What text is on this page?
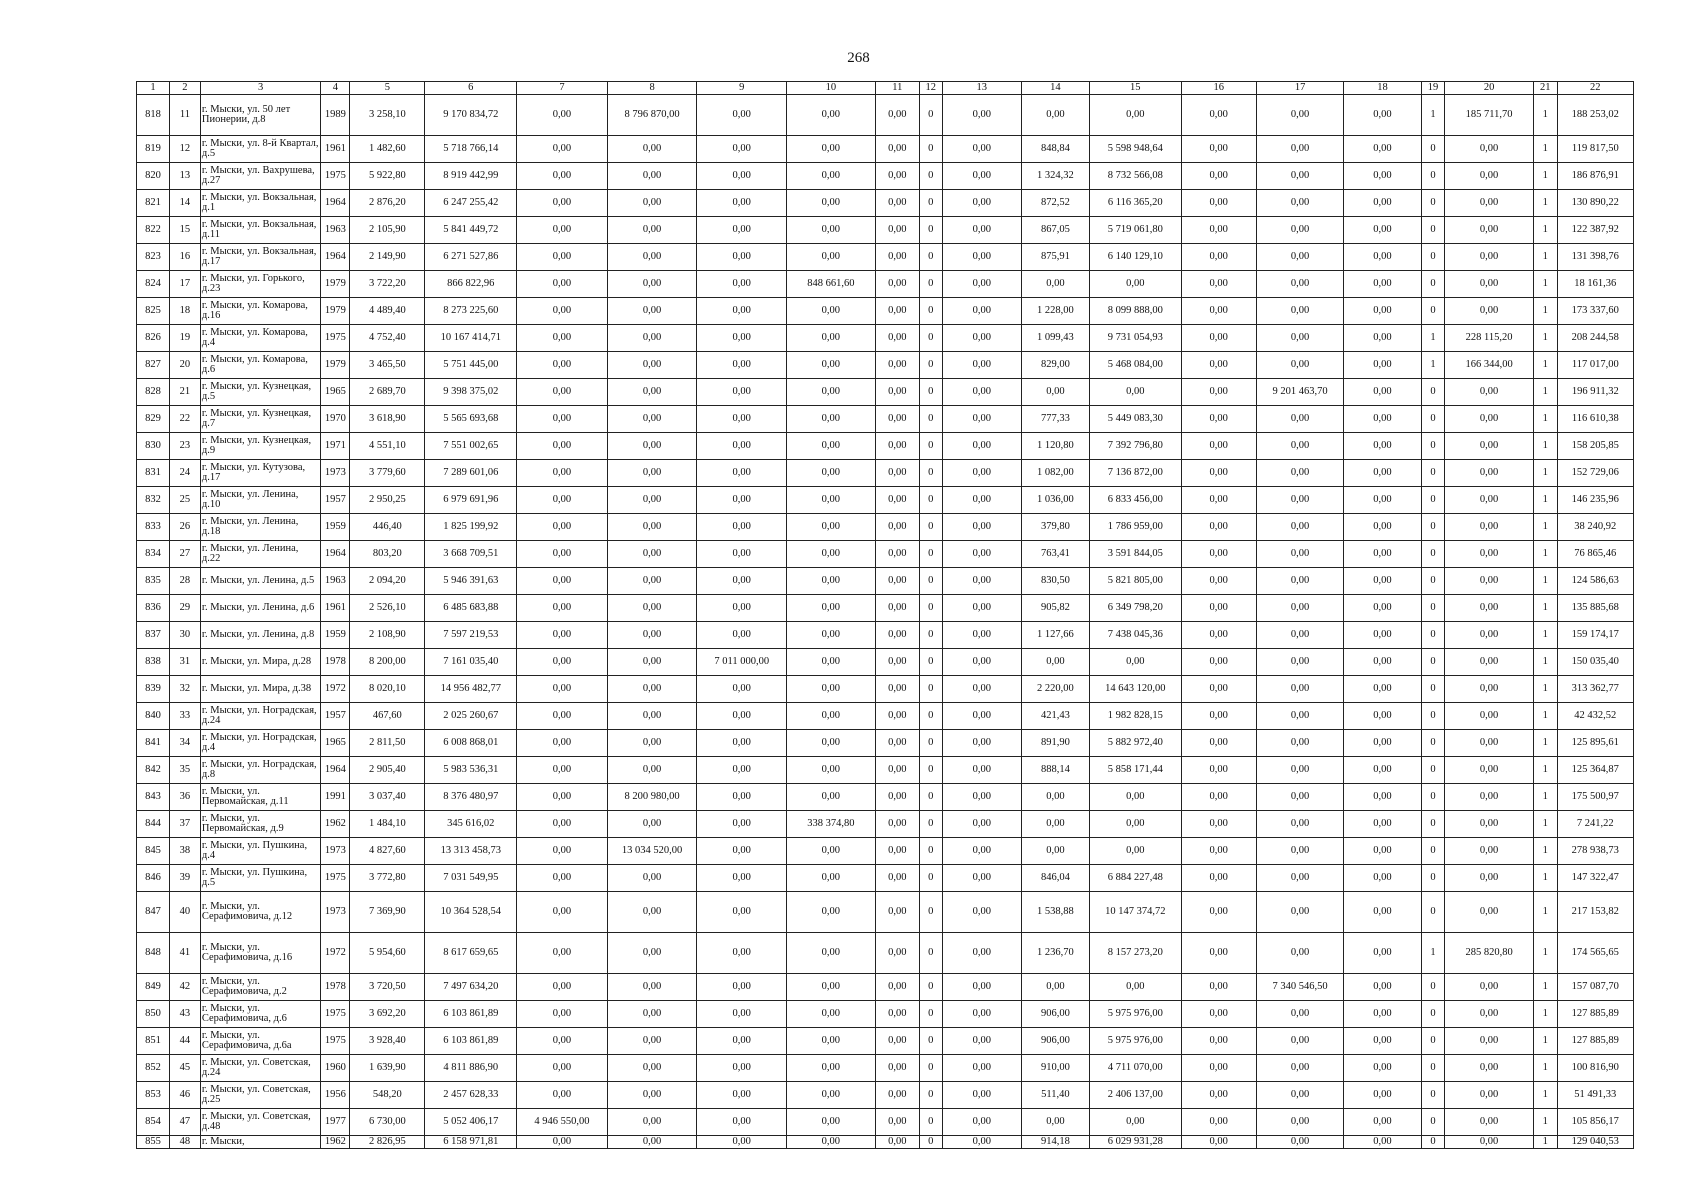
268
1	2	3	4	5	6	7	8	9	10	11	12	13	14	15	16	17	18	19	20	21	22
818	11	г. Мыски, ул. 50 лет Пионерии, д.8	1989	3 258,10	9 170 834,72	0,00	8 796 870,00	0,00	0,00	0,00	0	0,00	0,00	0,00	0,00	0,00	0,00	1	185 711,70	1	188 253,02
819	12	г. Мыски, ул. 8-й Квартал, д.5	1961	1 482,60	5 718 766,14	0,00	0,00	0,00	0,00	0,00	0	0,00	848,84	5 598 948,64	0,00	0,00	0,00	0	0,00	1	119 817,50
820	13	г. Мыски, ул. Вахрушева, д.27	1975	5 922,80	8 919 442,99	0,00	0,00	0,00	0,00	0,00	0	0,00	1 324,32	8 732 566,08	0,00	0,00	0,00	0	0,00	1	186 876,91
821	14	г. Мыски, ул. Вокзальная, д.1	1964	2 876,20	6 247 255,42	0,00	0,00	0,00	0,00	0,00	0	0,00	872,52	6 116 365,20	0,00	0,00	0,00	0	0,00	1	130 890,22
822	15	г. Мыски, ул. Вокзальная, д.11	1963	2 105,90	5 841 449,72	0,00	0,00	0,00	0,00	0,00	0	0,00	867,05	5 719 061,80	0,00	0,00	0,00	0	0,00	1	122 387,92
823	16	г. Мыски, ул. Вокзальная, д.17	1964	2 149,90	6 271 527,86	0,00	0,00	0,00	0,00	0,00	0	0,00	875,91	6 140 129,10	0,00	0,00	0,00	0	0,00	1	131 398,76
824	17	г. Мыски, ул. Горького, д.23	1979	3 722,20	866 822,96	0,00	0,00	0,00	848 661,60	0,00	0	0,00	0,00	0,00	0,00	0,00	0,00	0	0,00	1	18 161,36
825	18	г. Мыски, ул. Комарова, д.16	1979	4 489,40	8 273 225,60	0,00	0,00	0,00	0,00	0,00	0	0,00	1 228,00	8 099 888,00	0,00	0,00	0,00	0	0,00	1	173 337,60
826	19	г. Мыски, ул. Комарова, д.4	1975	4 752,40	10 167 414,71	0,00	0,00	0,00	0,00	0,00	0	0,00	1 099,43	9 731 054,93	0,00	0,00	0,00	1	228 115,20	1	208 244,58
827	20	г. Мыски, ул. Комарова, д.6	1979	3 465,50	5 751 445,00	0,00	0,00	0,00	0,00	0,00	0	0,00	829,00	5 468 084,00	0,00	0,00	0,00	1	166 344,00	1	117 017,00
828	21	г. Мыски, ул. Кузнецкая, д.5	1965	2 689,70	9 398 375,02	0,00	0,00	0,00	0,00	0,00	0	0,00	0,00	0,00	0,00	9 201 463,70	0,00	0	0,00	1	196 911,32
829	22	г. Мыски, ул. Кузнецкая, д.7	1970	3 618,90	5 565 693,68	0,00	0,00	0,00	0,00	0,00	0	0,00	777,33	5 449 083,30	0,00	0,00	0,00	0	0,00	1	116 610,38
830	23	г. Мыски, ул. Кузнецкая, д.9	1971	4 551,10	7 551 002,65	0,00	0,00	0,00	0,00	0,00	0	0,00	1 120,80	7 392 796,80	0,00	0,00	0,00	0	0,00	1	158 205,85
831	24	г. Мыски, ул. Кутузова, д.17	1973	3 779,60	7 289 601,06	0,00	0,00	0,00	0,00	0,00	0	0,00	1 082,00	7 136 872,00	0,00	0,00	0,00	0	0,00	1	152 729,06
832	25	г. Мыски, ул. Ленина, д.10	1957	2 950,25	6 979 691,96	0,00	0,00	0,00	0,00	0,00	0	0,00	1 036,00	6 833 456,00	0,00	0,00	0,00	0	0,00	1	146 235,96
833	26	г. Мыски, ул. Ленина, д.18	1959	446,40	1 825 199,92	0,00	0,00	0,00	0,00	0,00	0	0,00	379,80	1 786 959,00	0,00	0,00	0,00	0	0,00	1	38 240,92
834	27	г. Мыски, ул. Ленина, д.22	1964	803,20	3 668 709,51	0,00	0,00	0,00	0,00	0,00	0	0,00	763,41	3 591 844,05	0,00	0,00	0,00	0	0,00	1	76 865,46
835	28	г. Мыски, ул. Ленина, д.5	1963	2 094,20	5 946 391,63	0,00	0,00	0,00	0,00	0,00	0	0,00	830,50	5 821 805,00	0,00	0,00	0,00	0	0,00	1	124 586,63
836	29	г. Мыски, ул. Ленина, д.6	1961	2 526,10	6 485 683,88	0,00	0,00	0,00	0,00	0,00	0	0,00	905,82	6 349 798,20	0,00	0,00	0,00	0	0,00	1	135 885,68
837	30	г. Мыски, ул. Ленина, д.8	1959	2 108,90	7 597 219,53	0,00	0,00	0,00	0,00	0,00	0	0,00	1 127,66	7 438 045,36	0,00	0,00	0,00	0	0,00	1	159 174,17
838	31	г. Мыски, ул. Мира, д.28	1978	8 200,00	7 161 035,40	0,00	0,00	7 011 000,00	0,00	0,00	0	0,00	0,00	0,00	0,00	0,00	0,00	0	0,00	1	150 035,40
839	32	г. Мыски, ул. Мира, д.38	1972	8 020,10	14 956 482,77	0,00	0,00	0,00	0,00	0,00	0	0,00	2 220,00	14 643 120,00	0,00	0,00	0,00	0	0,00	1	313 362,77
840	33	г. Мыски, ул. Ноградская, д.24	1957	467,60	2 025 260,67	0,00	0,00	0,00	0,00	0,00	0	0,00	421,43	1 982 828,15	0,00	0,00	0,00	0	0,00	1	42 432,52
841	34	г. Мыски, ул. Ноградская, д.4	1965	2 811,50	6 008 868,01	0,00	0,00	0,00	0,00	0,00	0	0,00	891,90	5 882 972,40	0,00	0,00	0,00	0	0,00	1	125 895,61
842	35	г. Мыски, ул. Ноградская, д.8	1964	2 905,40	5 983 536,31	0,00	0,00	0,00	0,00	0,00	0	0,00	888,14	5 858 171,44	0,00	0,00	0,00	0	0,00	1	125 364,87
843	36	г. Мыски, ул. Первомайская, д.11	1991	3 037,40	8 376 480,97	0,00	8 200 980,00	0,00	0,00	0,00	0	0,00	0,00	0,00	0,00	0,00	0,00	0	0,00	1	175 500,97
844	37	г. Мыски, ул. Первомайская, д.9	1962	1 484,10	345 616,02	0,00	0,00	0,00	338 374,80	0,00	0	0,00	0,00	0,00	0,00	0,00	0,00	0	0,00	1	7 241,22
845	38	г. Мыски, ул. Пушкина, д.4	1973	4 827,60	13 313 458,73	0,00	13 034 520,00	0,00	0,00	0,00	0	0,00	0,00	0,00	0,00	0,00	0,00	0	0,00	1	278 938,73
846	39	г. Мыски, ул. Пушкина, д.5	1975	3 772,80	7 031 549,95	0,00	0,00	0,00	0,00	0,00	0	0,00	846,04	6 884 227,48	0,00	0,00	0,00	0	0,00	1	147 322,47
847	40	г. Мыски, ул. Серафимовича, д.12	1973	7 369,90	10 364 528,54	0,00	0,00	0,00	0,00	0,00	0	0,00	1 538,88	10 147 374,72	0,00	0,00	0,00	0	0,00	1	217 153,82
848	41	г. Мыски, ул. Серафимовича, д.16	1972	5 954,60	8 617 659,65	0,00	0,00	0,00	0,00	0,00	0	0,00	1 236,70	8 157 273,20	0,00	0,00	0,00	1	285 820,80	1	174 565,65
849	42	г. Мыски, ул. Серафимовича, д.2	1978	3 720,50	7 497 634,20	0,00	0,00	0,00	0,00	0,00	0	0,00	0,00	0,00	0,00	7 340 546,50	0,00	0	0,00	1	157 087,70
850	43	г. Мыски, ул. Серафимовича, д.6	1975	3 692,20	6 103 861,89	0,00	0,00	0,00	0,00	0,00	0	0,00	906,00	5 975 976,00	0,00	0,00	0,00	0	0,00	1	127 885,89
851	44	г. Мыски, ул. Серафимовича, д.6а	1975	3 928,40	6 103 861,89	0,00	0,00	0,00	0,00	0,00	0	0,00	906,00	5 975 976,00	0,00	0,00	0,00	0	0,00	1	127 885,89
852	45	г. Мыски, ул. Советская, д.24	1960	1 639,90	4 811 886,90	0,00	0,00	0,00	0,00	0,00	0	0,00	910,00	4 711 070,00	0,00	0,00	0,00	0	0,00	1	100 816,90
853	46	г. Мыски, ул. Советская, д.25	1956	548,20	2 457 628,33	0,00	0,00	0,00	0,00	0,00	0	0,00	511,40	2 406 137,00	0,00	0,00	0,00	0	0,00	1	51 491,33
854	47	г. Мыски, ул. Советская, д.48	1977	6 730,00	5 052 406,17	4 946 550,00	0,00	0,00	0,00	0,00	0	0,00	0,00	0,00	0,00	0,00	0,00	0	0,00	1	105 856,17
855	48	г. Мыски,	1962	2 826,95	6 158 971,81	0,00	0,00	0,00	0,00	0,00	0	0,00	914,18	6 029 931,28	0,00	0,00	0,00	0	0,00	1	129 040,53
